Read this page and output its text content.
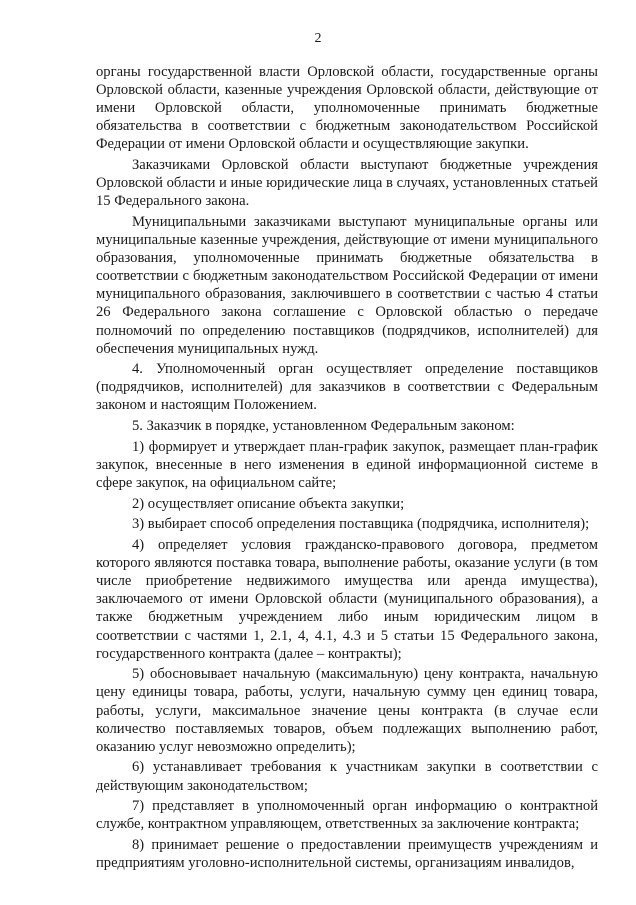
2

органы государственной власти Орловской области, государственные органы Орловской области, казенные учреждения Орловской области, действующие от имени Орловской области, уполномоченные принимать бюджетные обязательства в соответствии с бюджетным законодательством Российской Федерации от имени Орловской области и осуществляющие закупки.

Заказчиками Орловской области выступают бюджетные учреждения Орловской области и иные юридические лица в случаях, установленных статьей 15 Федерального закона.

Муниципальными заказчиками выступают муниципальные органы или муниципальные казенные учреждения, действующие от имени муниципального образования, уполномоченные принимать бюджетные обязательства в соответствии с бюджетным законодательством Российской Федерации от имени муниципального образования, заключившего в соответствии с частью 4 статьи 26 Федерального закона соглашение с Орловской областью о передаче полномочий по определению поставщиков (подрядчиков, исполнителей) для обеспечения муниципальных нужд.

4. Уполномоченный орган осуществляет определение поставщиков (подрядчиков, исполнителей) для заказчиков в соответствии с Федеральным законом и настоящим Положением.

5. Заказчик в порядке, установленном Федеральным законом:

1) формирует и утверждает план-график закупок, размещает план-график закупок, внесенные в него изменения в единой информационной системе в сфере закупок, на официальном сайте;

2) осуществляет описание объекта закупки;

3) выбирает способ определения поставщика (подрядчика, исполнителя);

4) определяет условия гражданско-правового договора, предметом которого являются поставка товара, выполнение работы, оказание услуги (в том числе приобретение недвижимого имущества или аренда имущества), заключаемого от имени Орловской области (муниципального образования), а также бюджетным учреждением либо иным юридическим лицом в соответствии с частями 1, 2.1, 4, 4.1, 4.3 и 5 статьи 15 Федерального закона, государственного контракта (далее – контракты);

5) обосновывает начальную (максимальную) цену контракта, начальную цену единицы товара, работы, услуги, начальную сумму цен единиц товара, работы, услуги, максимальное значение цены контракта (в случае если количество поставляемых товаров, объем подлежащих выполнению работ, оказанию услуг невозможно определить);

6) устанавливает требования к участникам закупки в соответствии с действующим законодательством;

7) представляет в уполномоченный орган информацию о контрактной службе, контрактном управляющем, ответственных за заключение контракта;

8) принимает решение о предоставлении преимуществ учреждениям и предприятиям уголовно-исполнительной системы, организациям инвалидов,
